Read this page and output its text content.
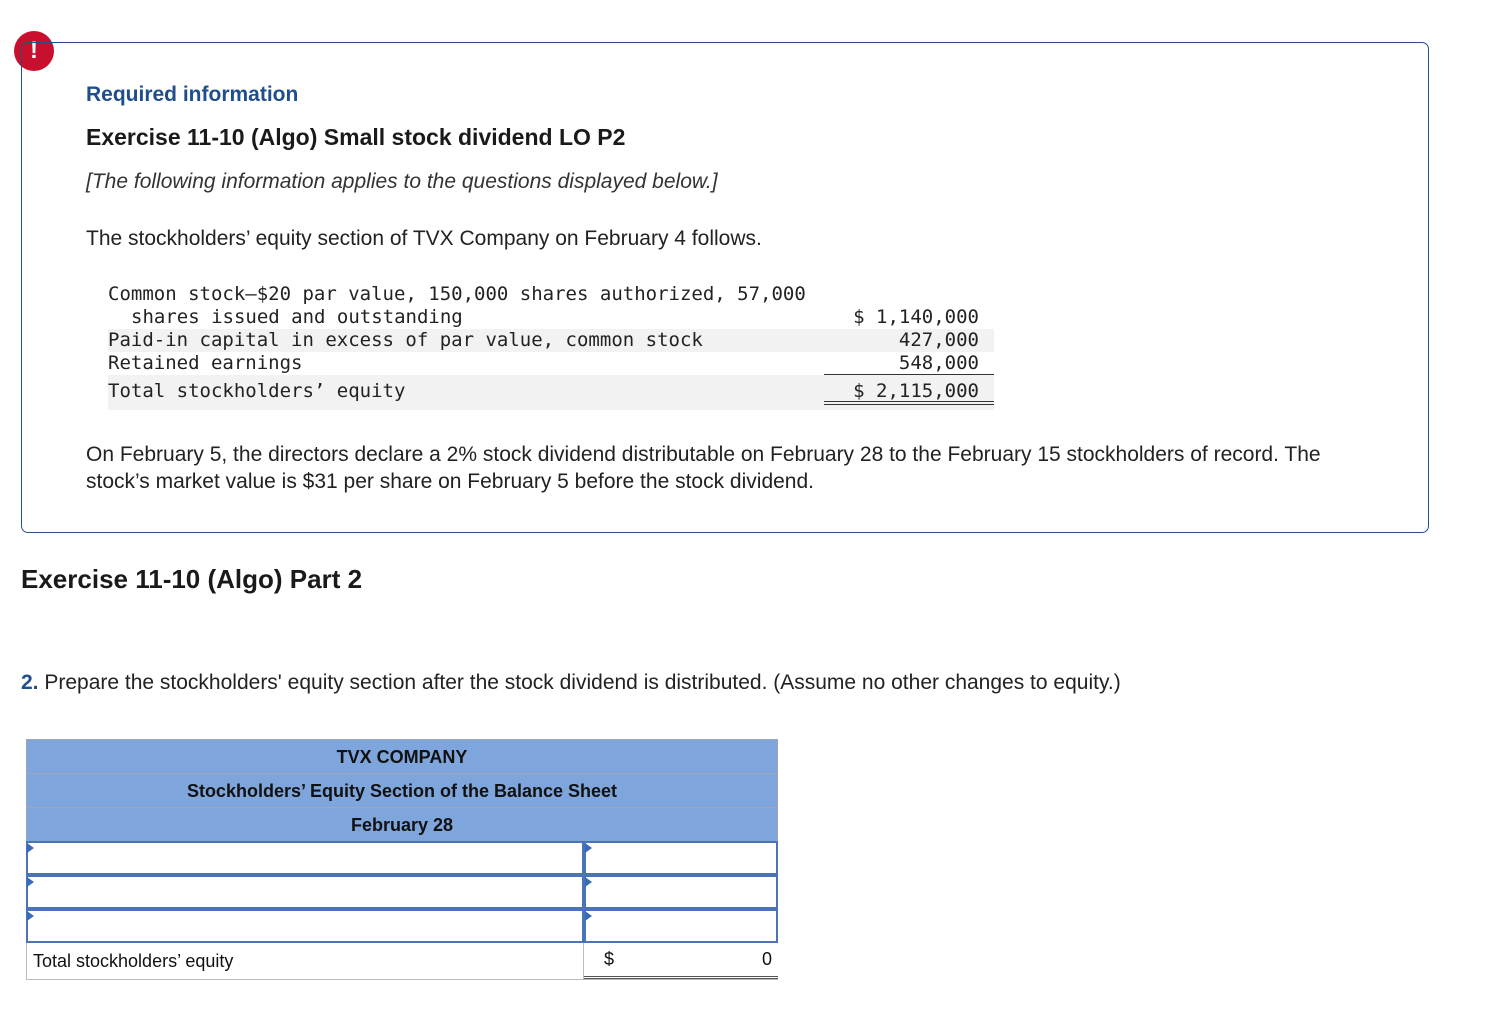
!
Required information
Exercise 11-10 (Algo) Small stock dividend LO P2

[The following information applies to the questions displayed below.]

The stockholders’ equity section of TVX Company on February 4 follows.

Common stock—$20 par value, 150,000 shares authorized, 57,000
shares issued and outstanding	$ 1,140,000
Paid-in capital in excess of par value, common stock	427,000
Retained earnings	548,000
Total stockholders’ equity	$ 2,115,000

On February 5, the directors declare a 2% stock dividend distributable on February 28 to the February 15 stockholders of record. The stock’s market value is $31 per share on February 5 before the stock dividend.

Exercise 11-10 (Algo) Part 2

2. Prepare the stockholders' equity section after the stock dividend is distributed. (Assume no other changes to equity.)

TVX COMPANY
Stockholders’ Equity Section of the Balance Sheet
February 28
Total stockholders’ equity	$	0
